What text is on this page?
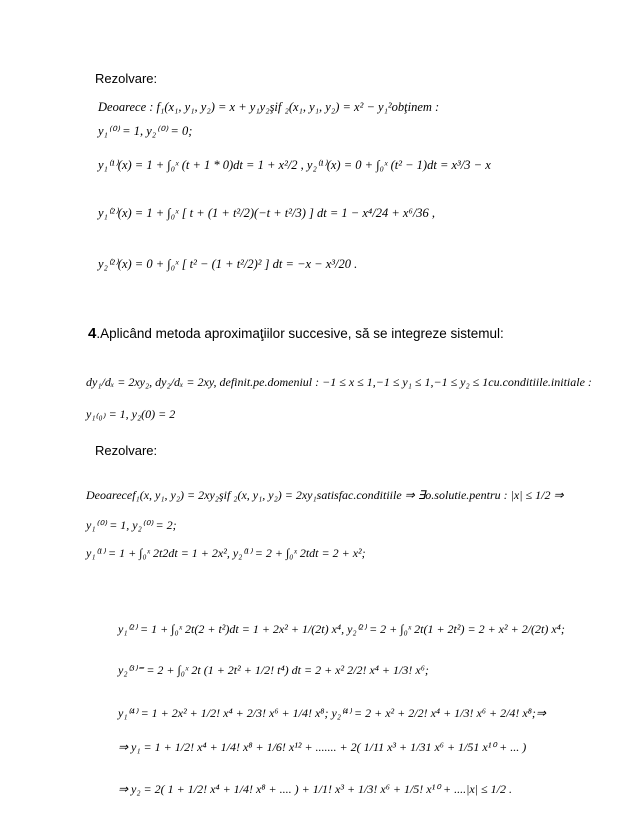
Rezolvare:
Deoarece : f₁(x₁, y₁, y₂) = x + y₁y₂şif ₂(x₁, y₁, y₂) = x² − y₁²obţinem :
y₁⁽⁰⁾ = 1, y₂⁽⁰⁾ = 0;
y₁⁽¹⁾(x) = 1 + ∫₀ˣ (t + 1 * 0)dt = 1 + x²/2 , y₂⁽¹⁾(x) = 0 + ∫₀ˣ (t² − 1)dt = x³/3 − x
y₁⁽²⁾(x) = 1 + ∫₀ˣ [ t + (1 + t²/2)(−t + t²/3) ] dt = 1 − x⁴/24 + x⁶/36 ,
y₂⁽²⁾(x) = 0 + ∫₀ˣ [ t² − (1 + t²/2)² ] dt = −x − x³/20 .
4.Aplicând metoda aproximaţiilor succesive, să se integreze sistemul:
dy₁/dₓ = 2xy₂, dy₂/dₓ = 2xy, definit.pe.domeniul : −1 ≤ x ≤ 1,−1 ≤ y₁ ≤ 1,−1 ≤ y₂ ≤ 1cu.conditiile.initiale :
y₁₍₀₎ = 1, y₂(0) = 2
Rezolvare:
Deoarecef₁(x, y₁, y₂) = 2xy₂şif ₂(x, y₁, y₂) = 2xy₁satisfac.conditiile ⇒ ∃o.solutie.pentru : |x| ≤ 1/2 ⇒
y₁⁽⁰⁾ = 1, y₂⁽⁰⁾ = 2;
y₁⁽¹⁾ = 1 + ∫₀ˣ 2t2dt = 1 + 2x², y₂⁽¹⁾ = 2 + ∫₀ˣ 2tdt = 2 + x²;
y₁⁽²⁾ = 1 + ∫₀ˣ 2t(2 + t²)dt = 1 + 2x² + 1/(2t) x⁴, y₂⁽²⁾ = 2 + ∫₀ˣ 2t(1 + 2t²) = 2 + x² + 2/(2t) x⁴;
y₂⁽³⁾⁼ = 2 + ∫₀ˣ 2t (1 + 2t² + 1/2! t⁴) dt = 2 + x² 2/2! x⁴ + 1/3! x⁶;
y₁⁽⁴⁾ = 1 + 2x² + 1/2! x⁴ + 2/3! x⁶ + 1/4! x⁸; y₂⁽⁴⁾ = 2 + x² + 2/2! x⁴ + 1/3! x⁶ + 2/4! x⁸;⇒
⇒ y₁ = 1 + 1/2! x⁴ + 1/4! x⁸ + 1/6! x¹² + ....... + 2( 1/11 x³ + 1/31 x⁶ + 1/51 x¹⁰ + ... )
⇒ y₂ = 2( 1 + 1/2! x⁴ + 1/4! x⁸ + .... ) + 1/1! x³ + 1/3! x⁶ + 1/5! x¹⁰ + ....|x| ≤ 1/2 .
